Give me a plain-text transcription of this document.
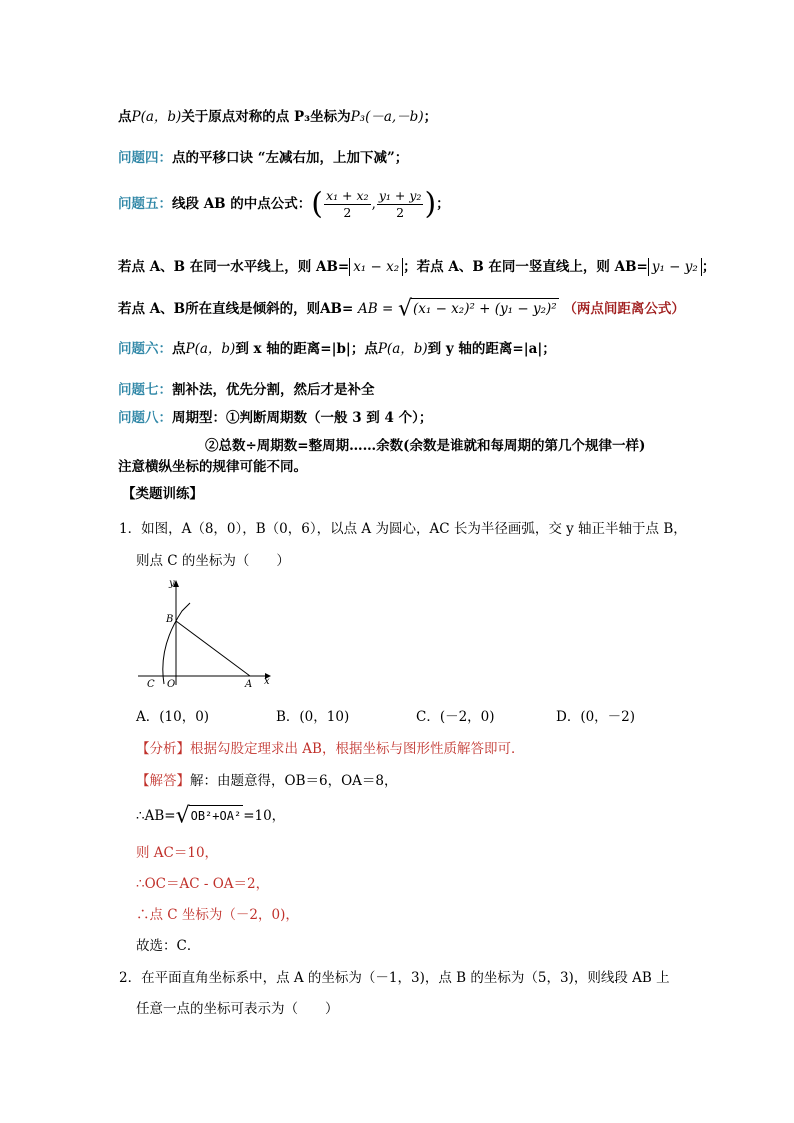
点P(a，b)关于原点对称的点 P₃坐标为P₃(－a,－b)；
问题四：点的平移口诀 “左减右加，上加下减”；
问题五：线段 AB 的中点公式：( $\frac{\text{x₁ + x₂}}{2}$ , $\frac{\text{y₁ + y₂}}{2}$ )；
若点 A、B 在同一水平线上，则 AB= x₁ − x₂ ；若点 A、B 在同一竖直线上，则 AB= y₁ − y₂ ；
若点 A、B所在直线是倾斜的，则AB= AB = √(x₁ − x₂)² + (y₁ − y₂)² （两点间距离公式）
问题六：点P(a，b)到 x 轴的距离=|b|；点P(a，b)到 y 轴的距离=|a|；
问题七：割补法，优先分割，然后才是补全
问题八：周期型：①判断周期数（一般 3 到 4 个）；
②总数÷周期数=整周期……余数(余数是谁就和每周期的第几个规律一样)
注意横纵坐标的规律可能不同。
【类题训练】
1．如图，A（8，0），B（0，6），以点 A 为圆心，AC 长为半径画弧，交 y 轴正半轴于点 B，
则点 C 的坐标为（　　）
y
B
C O	A x
A．(10，0)	B．(0，10)	C．(－2，0)	D．(0，－2)
【分析】根据勾股定理求出 AB，根据坐标与图形性质解答即可．
【解答】解：由题意得，OB＝6，OA＝8，
∴AB=√OB²+OA² =10，
则 AC＝10，
∴OC＝AC - OA＝2，
∴点 C 坐标为（－2，0)，
故选：C．
2．在平面直角坐标系中，点 A 的坐标为（－1，3)，点 B 的坐标为（5，3)，则线段 AB 上
任意一点的坐标可表示为（　　）
